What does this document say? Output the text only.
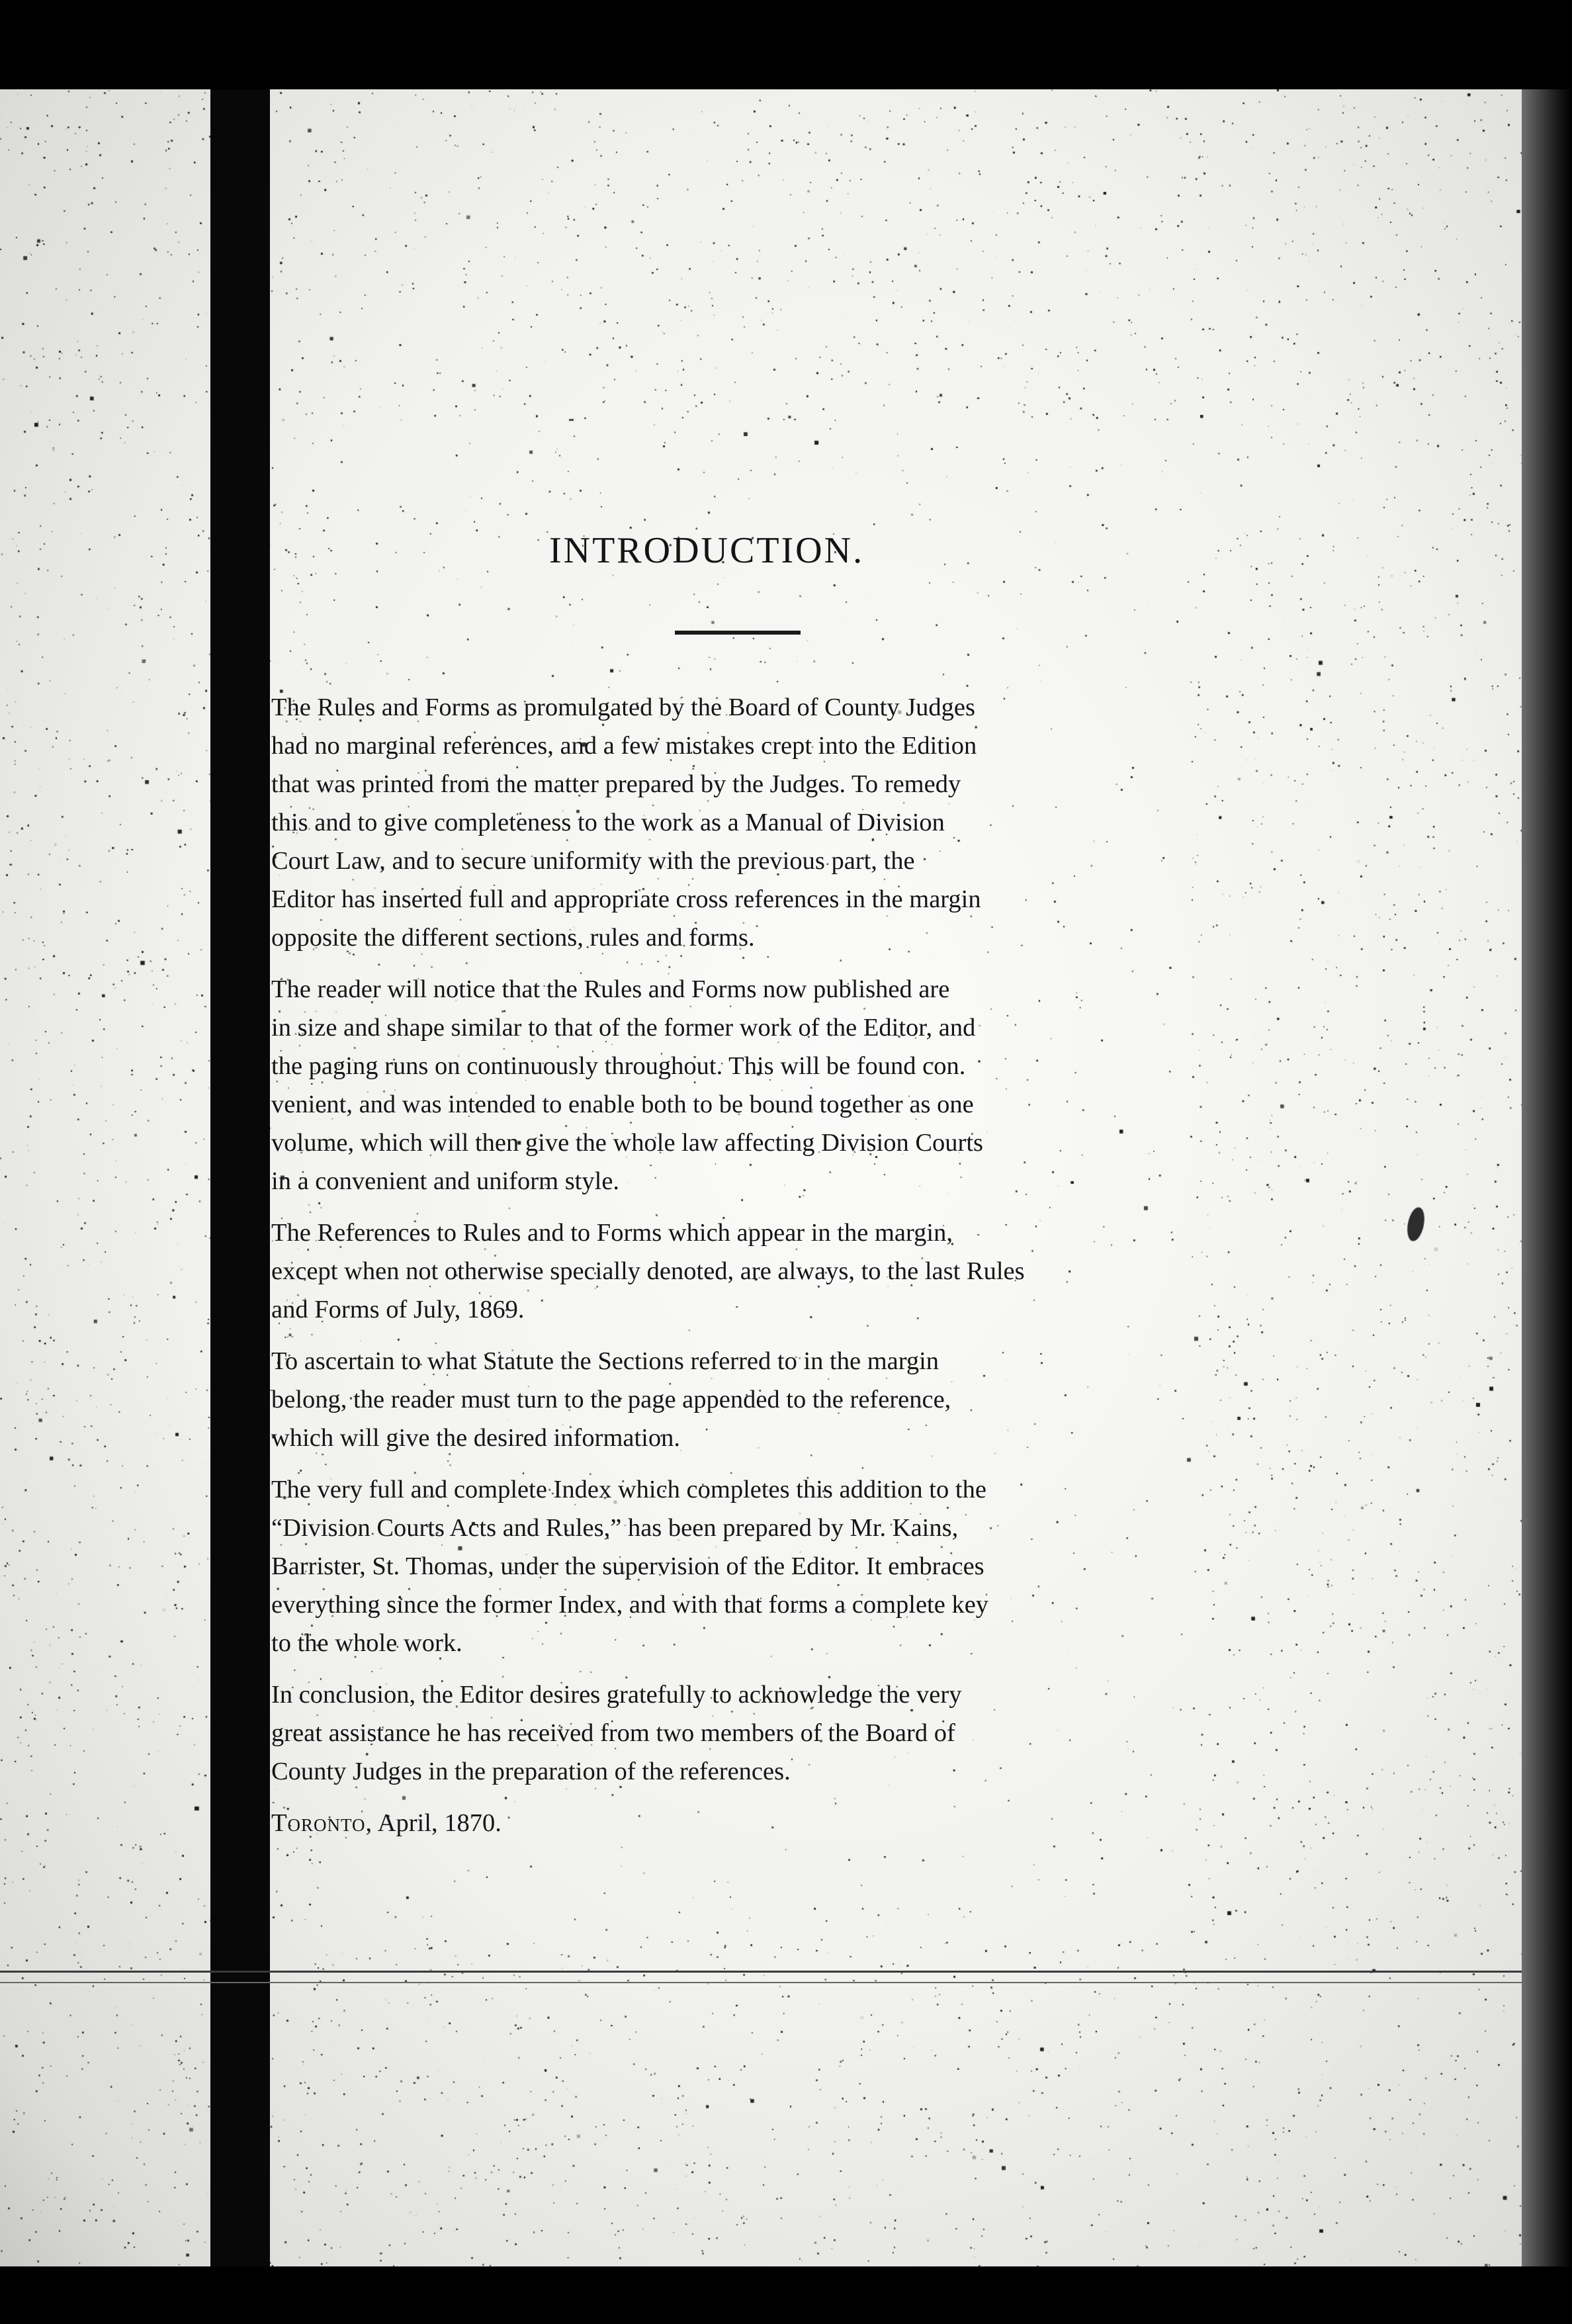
INTRODUCTION.
The Rules and Forms as promulgated by the Board of County Judges
had no marginal references, and a few mistakes crept into the Edition
that was printed from the matter prepared by the Judges. To remedy
this and to give completeness to the work as a Manual of Division
Court Law, and to secure uniformity with the previous part, the
Editor has inserted full and appropriate cross references in the margin
opposite the different sections, rules and forms.
The reader will notice that the Rules and Forms now published are
in size and shape similar to that of the former work of the Editor, and
the paging runs on continuously throughout. This will be found con.
venient, and was intended to enable both to be bound together as one
volume, which will then give the whole law affecting Division Courts
in a convenient and uniform style.
The References to Rules and to Forms which appear in the margin,
except when not otherwise specially denoted, are always, to the last Rules
and Forms of July, 1869.
To ascertain to what Statute the Sections referred to in the margin
belong, the reader must turn to the page appended to the reference,
which will give the desired information.
The very full and complete Index which completes this addition to the
“Division Courts Acts and Rules,” has been prepared by Mr. Kains,
Barrister, St. Thomas, under the supervision of the Editor. It embraces
everything since the former Index, and with that forms a complete key
to the whole work.
In conclusion, the Editor desires gratefully to acknowledge the very
great assistance he has received from two members of the Board of
County Judges in the preparation of the references.
Toronto, April, 1870.
